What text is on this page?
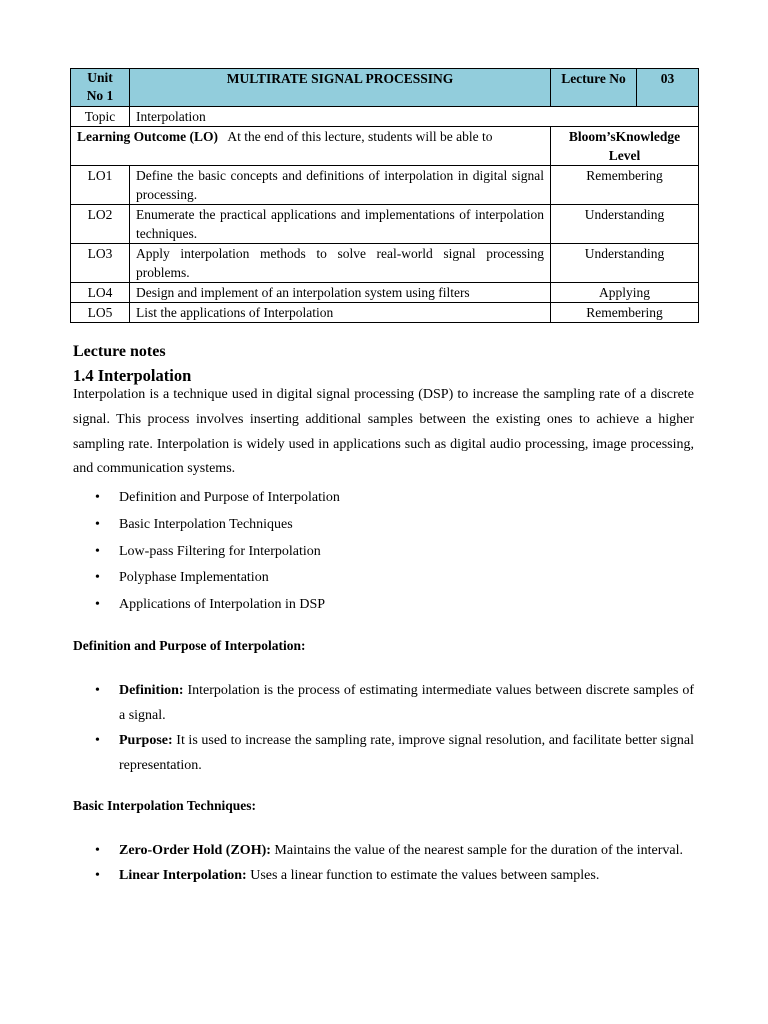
Unit No 1	MULTIRATE SIGNAL PROCESSING	Lecture No	03
Topic	Interpolation		
Learning Outcome (LO) At the end of this lecture, students will be able to		Bloom’sKnowledge Level	
LO1	Define the basic concepts and definitions of interpolation in digital signal processing.	Remembering	
LO2	Enumerate the practical applications and implementations of interpolation techniques.	Understanding	
LO3	Apply interpolation methods to solve real-world signal processing problems.	Understanding	
LO4	Design and implement of an interpolation system using filters	Applying	
LO5	List the applications of Interpolation	Remembering	
Lecture notes
1.4 Interpolation

Interpolation is a technique used in digital signal processing (DSP) to increase the sampling rate of a discrete signal. This process involves inserting additional samples between the existing ones to achieve a higher sampling rate. Interpolation is widely used in applications such as digital audio processing, image processing, and communication systems.

• Definition and Purpose of Interpolation
• Basic Interpolation Techniques
• Low-pass Filtering for Interpolation
• Polyphase Implementation
• Applications of Interpolation in DSP
Definition and Purpose of Interpolation:
• Definition: Interpolation is the process of estimating intermediate values between discrete samples of a signal.
• Purpose: It is used to increase the sampling rate, improve signal resolution, and facilitate better signal representation.
Basic Interpolation Techniques:
• Zero-Order Hold (ZOH): Maintains the value of the nearest sample for the duration of the interval.
• Linear Interpolation: Uses a linear function to estimate the values between samples.
